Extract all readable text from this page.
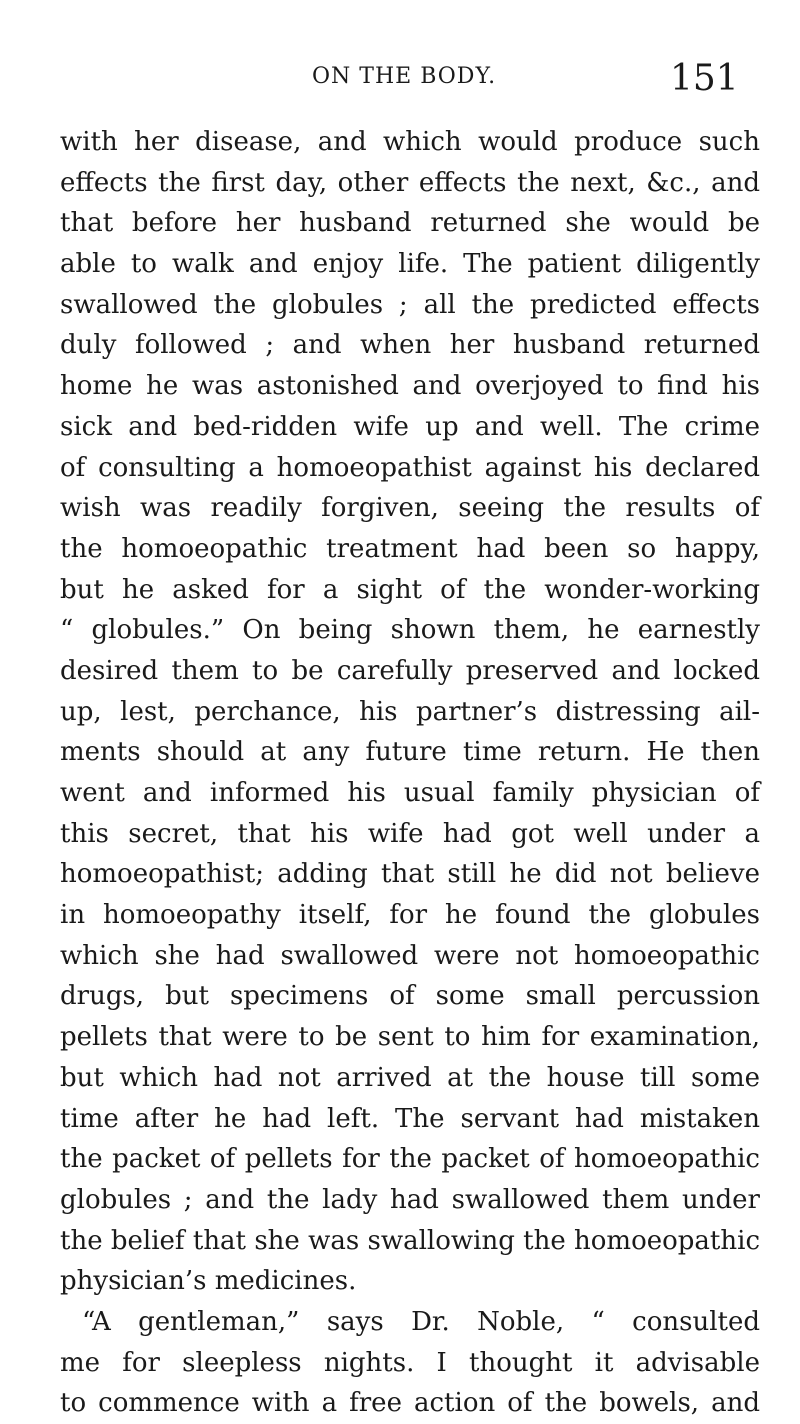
ON THE BODY.	151
with her disease, and which would produce such
effects the first day, other effects the next, &c., and
that before her husband returned she would be
able to walk and enjoy life. The patient diligently
swallowed the globules ; all the predicted effects
duly followed ; and when her husband returned
home he was astonished and overjoyed to find his
sick and bed-ridden wife up and well. The crime
of consulting a homoeopathist against his declared
wish was readily forgiven, seeing the results of
the homoeopathic treatment had been so happy,
but he asked for a sight of the wonder-working
“ globules.” On being shown them, he earnestly
desired them to be carefully preserved and locked
up, lest, perchance, his partner’s distressing ail-
ments should at any future time return. He then
went and informed his usual family physician of
this secret, that his wife had got well under a
homoeopathist; adding that still he did not believe
in homoeopathy itself, for he found the globules
which she had swallowed were not homoeopathic
drugs, but specimens of some small percussion
pellets that were to be sent to him for examination,
but which had not arrived at the house till some
time after he had left. The servant had mistaken
the packet of pellets for the packet of homoeopathic
globules ; and the lady had swallowed them under
the belief that she was swallowing the homoeopathic
physician’s medicines.
“A gentleman,” says Dr. Noble, “ consulted
me for sleepless nights. I thought it advisable
to commence with a free action of the bowels, and
